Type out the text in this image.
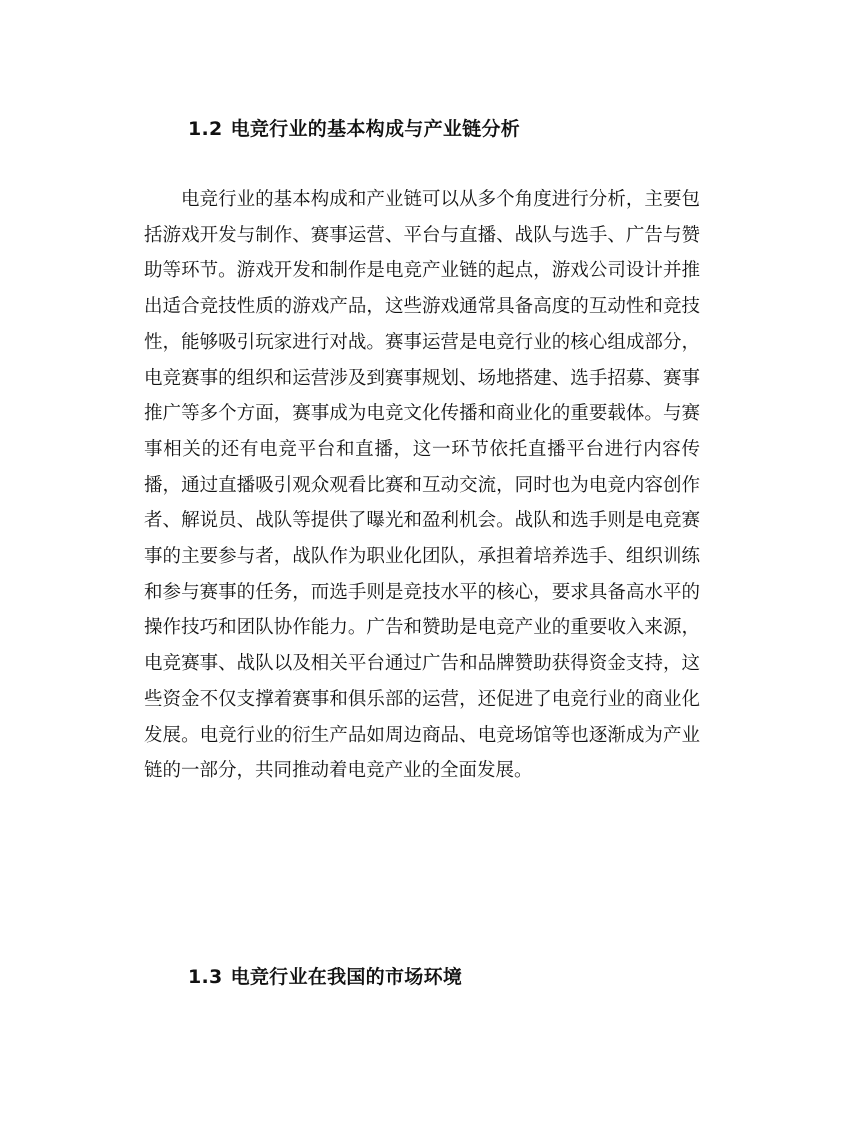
1.2 电竞行业的基本构成与产业链分析

电竞行业的基本构成和产业链可以从多个角度进行分析，主要包括游戏开发与制作、赛事运营、平台与直播、战队与选手、广告与赞助等环节。游戏开发和制作是电竞产业链的起点，游戏公司设计并推出适合竞技性质的游戏产品，这些游戏通常具备高度的互动性和竞技性，能够吸引玩家进行对战。赛事运营是电竞行业的核心组成部分，电竞赛事的组织和运营涉及到赛事规划、场地搭建、选手招募、赛事推广等多个方面，赛事成为电竞文化传播和商业化的重要载体。与赛事相关的还有电竞平台和直播，这一环节依托直播平台进行内容传播，通过直播吸引观众观看比赛和互动交流，同时也为电竞内容创作者、解说员、战队等提供了曝光和盈利机会。战队和选手则是电竞赛事的主要参与者，战队作为职业化团队，承担着培养选手、组织训练和参与赛事的任务，而选手则是竞技水平的核心，要求具备高水平的操作技巧和团队协作能力。广告和赞助是电竞产业的重要收入来源，电竞赛事、战队以及相关平台通过广告和品牌赞助获得资金支持，这些资金不仅支撑着赛事和俱乐部的运营，还促进了电竞行业的商业化发展。电竞行业的衍生产品如周边商品、电竞场馆等也逐渐成为产业链的一部分，共同推动着电竞产业的全面发展。

1.3 电竞行业在我国的市场环境
